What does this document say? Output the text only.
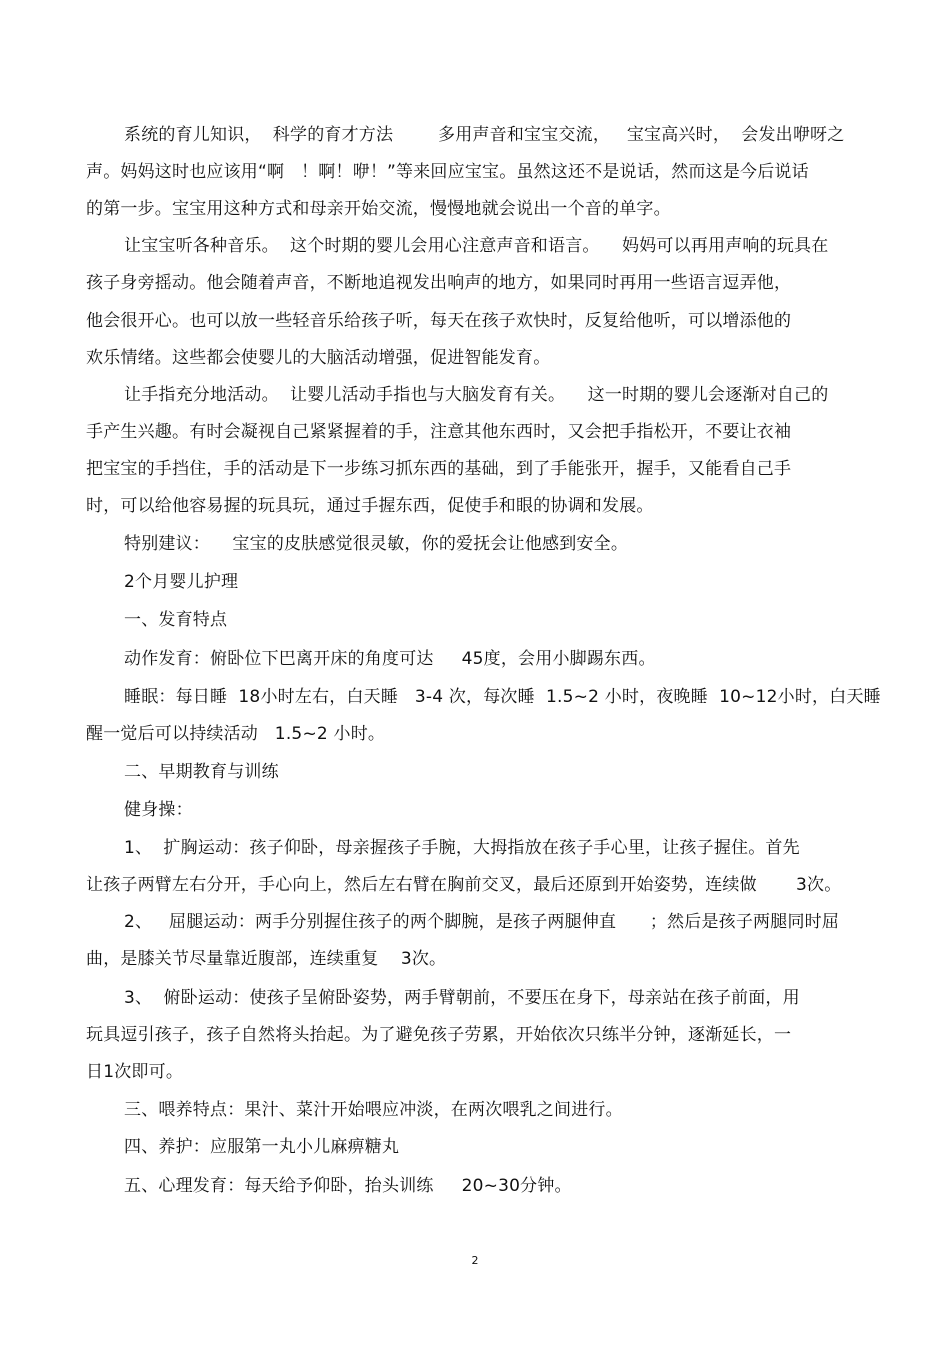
系统的育儿知识，  科学的育才方法        多用声音和宝宝交流，   宝宝高兴时，  会发出咿呀之
声。妈妈这时也应该用“啊   ！啊！咿！”等来回应宝宝。虽然这还不是说话，然而这是今后说话
的第一步。宝宝用这种方式和母亲开始交流，慢慢地就会说出一个音的单字。
让宝宝听各种音乐。  这个时期的婴儿会用心注意声音和语言。    妈妈可以再用声响的玩具在
孩子身旁摇动。他会随着声音，不断地追视发出响声的地方，如果同时再用一些语言逗弄他，
他会很开心。也可以放一些轻音乐给孩子听，每天在孩子欢快时，反复给他听，可以增添他的
欢乐情绪。这些都会使婴儿的大脑活动增强，促进智能发育。
让手指充分地活动。  让婴儿活动手指也与大脑发育有关。    这一时期的婴儿会逐渐对自己的
手产生兴趣。有时会凝视自己紧紧握着的手，注意其他东西时，又会把手指松开，不要让衣袖
把宝宝的手挡住，手的活动是下一步练习抓东西的基础，到了手能张开，握手，又能看自己手
时，可以给他容易握的玩具玩，通过手握东西，促使手和眼的协调和发展。
特别建议：    宝宝的皮肤感觉很灵敏，你的爱抚会让他感到安全。
2个月婴儿护理
一、发育特点
动作发育：俯卧位下巴离开床的角度可达     45度，会用小脚踢东西。
睡眠：每日睡  18小时左右，白天睡   3-4 次，每次睡  1.5~2 小时，夜晚睡  10~12小时，白天睡
醒一觉后可以持续活动   1.5~2 小时。
二、早期教育与训练
健身操：
1、  扩胸运动：孩子仰卧，母亲握孩子手腕，大拇指放在孩子手心里，让孩子握住。首先
让孩子两臂左右分开，手心向上，然后左右臂在胸前交叉，最后还原到开始姿势，连续做       3次。
2、   屈腿运动：两手分别握住孩子的两个脚腕，是孩子两腿伸直      ；然后是孩子两腿同时屈
曲，是膝关节尽量靠近腹部，连续重复    3次。
3、  俯卧运动：使孩子呈俯卧姿势，两手臂朝前，不要压在身下，母亲站在孩子前面，用
玩具逗引孩子，孩子自然将头抬起。为了避免孩子劳累，开始依次只练半分钟，逐渐延长，一
日1次即可。
三、喂养特点：果汁、菜汁开始喂应冲淡，在两次喂乳之间进行。
四、养护：应服第一丸小儿麻痹糖丸
五、心理发育：每天给予仰卧，抬头训练     20~30分钟。
2
